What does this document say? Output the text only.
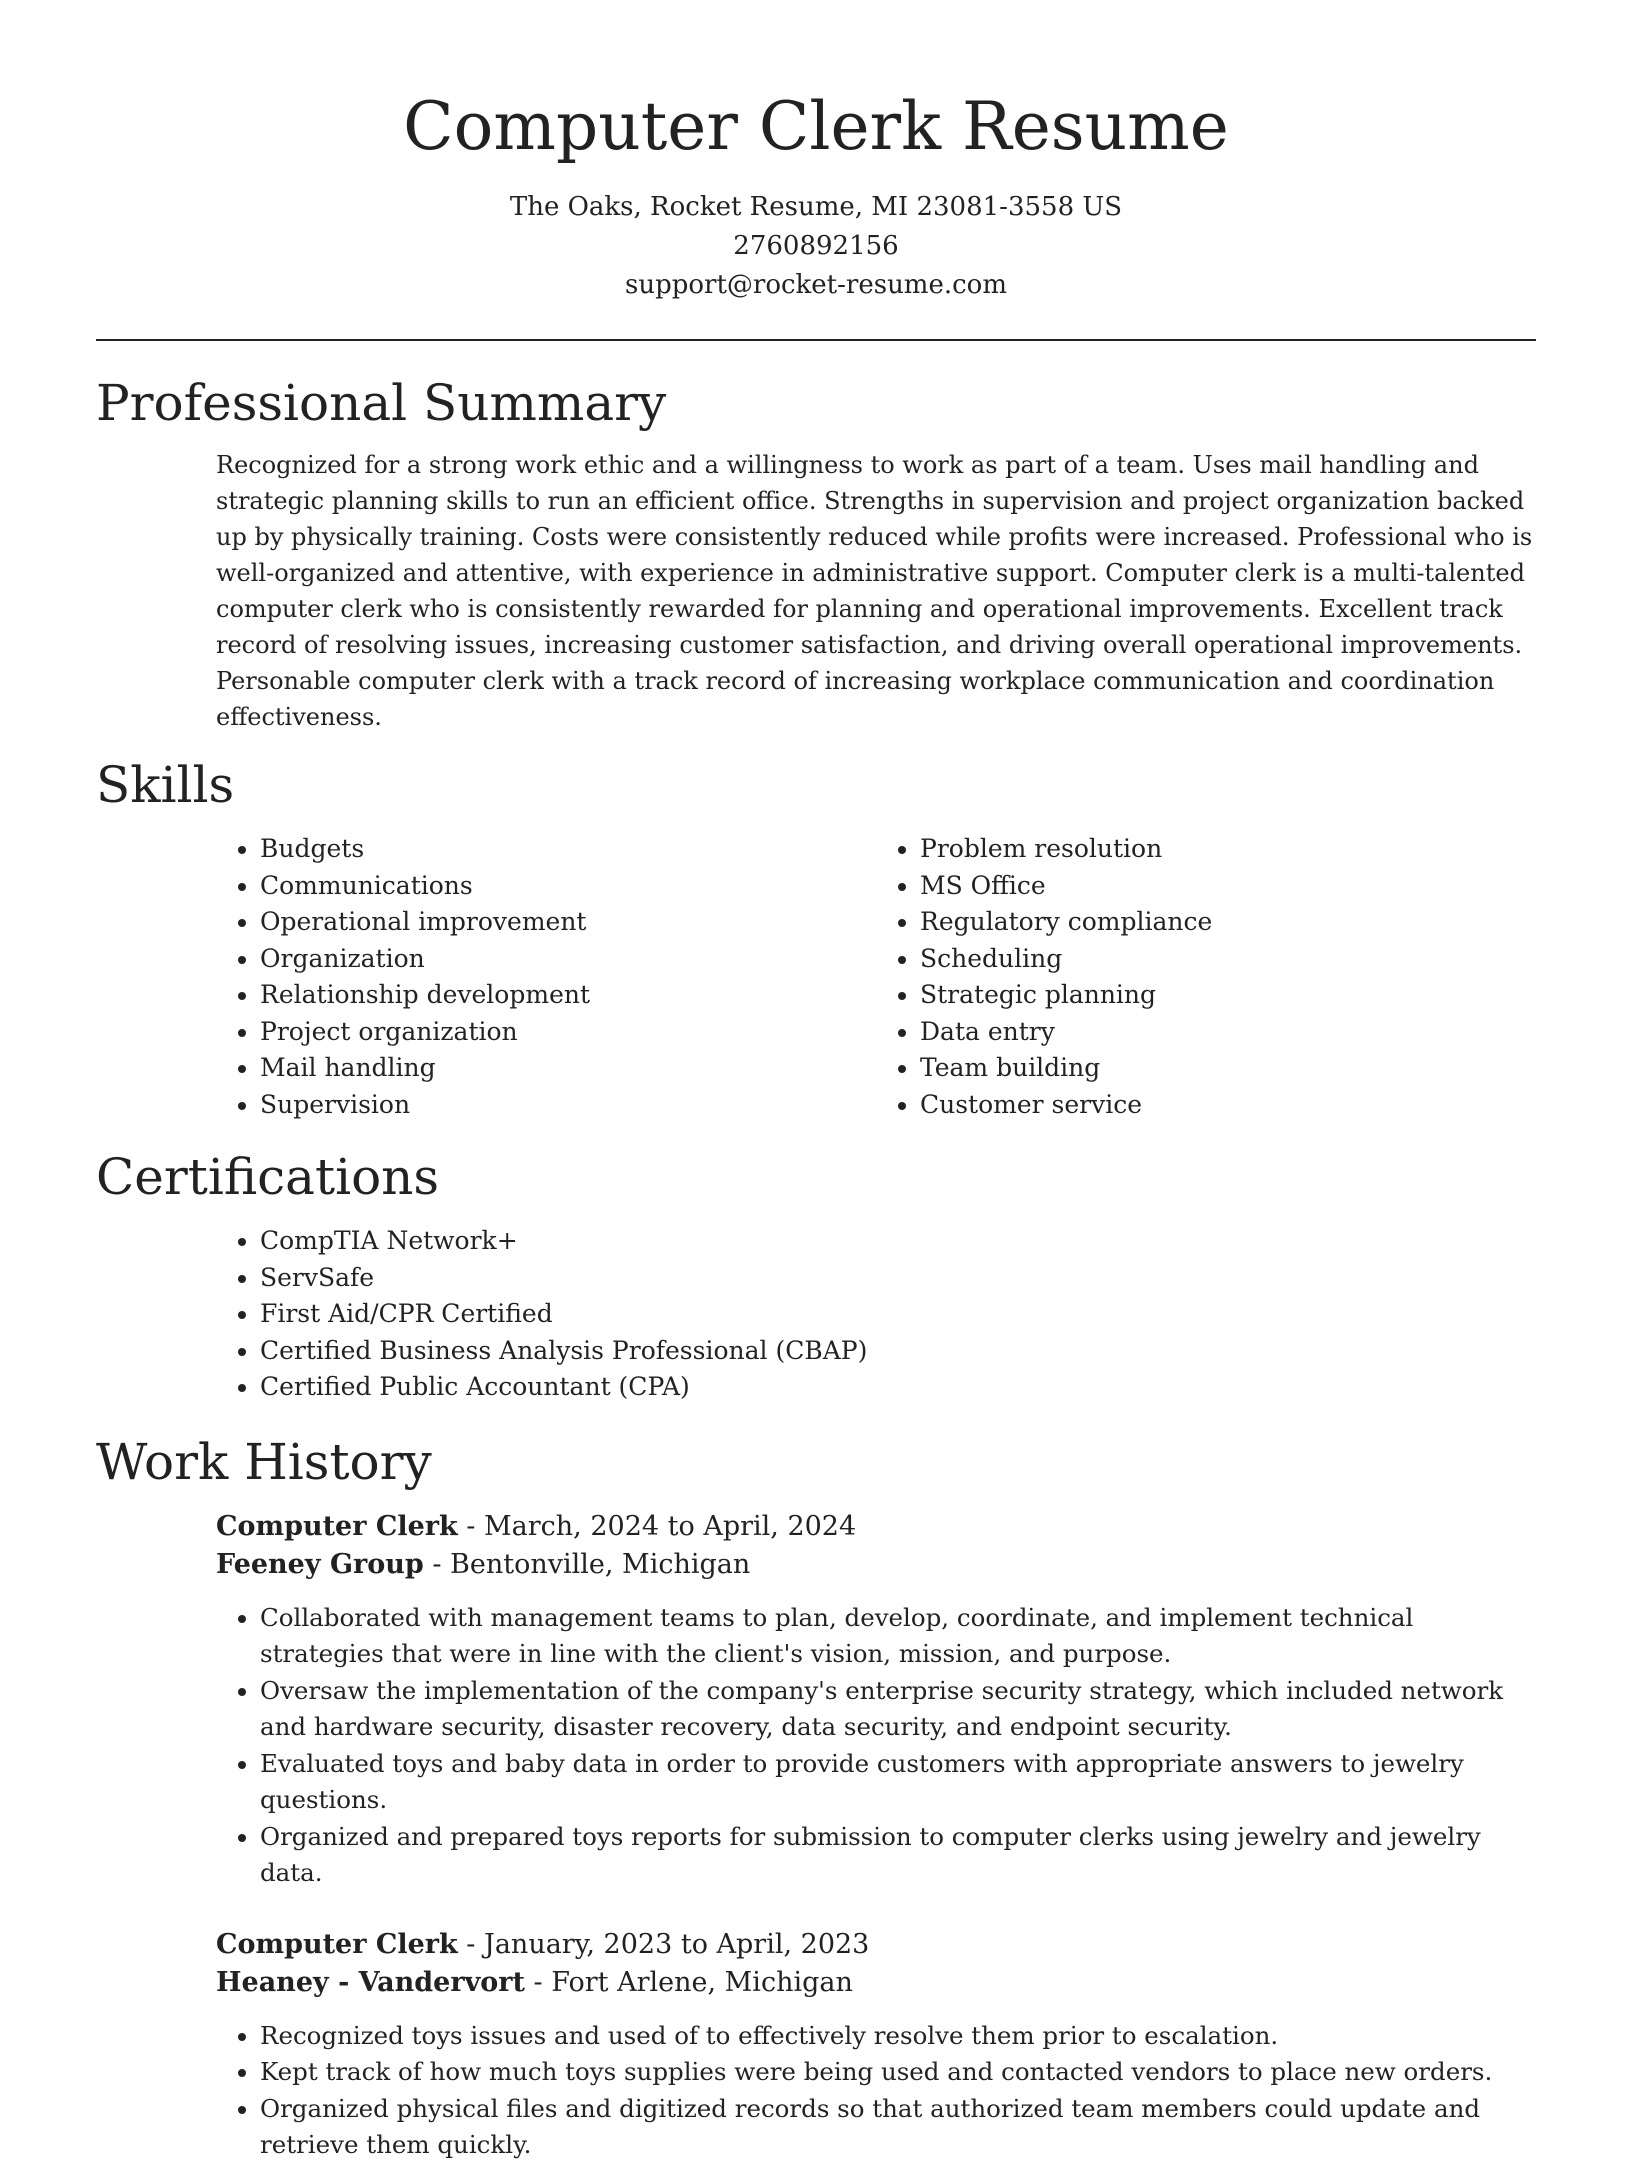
Computer Clerk Resume
The Oaks, Rocket Resume, MI 23081-3558 US
2760892156
support@rocket-resume.com
Professional Summary

Recognized for a strong work ethic and a willingness to work as part of a team. Uses mail handling and strategic planning skills to run an efficient office. Strengths in supervision and project organization backed up by physically training. Costs were consistently reduced while profits were increased. Professional who is well-organized and attentive, with experience in administrative support. Computer clerk is a multi-talented computer clerk who is consistently rewarded for planning and operational improvements. Excellent track record of resolving issues, increasing customer satisfaction, and driving overall operational improvements. Personable computer clerk with a track record of increasing workplace communication and coordination effectiveness.

Skills
• Budgets
• Communications
• Operational improvement
• Organization
• Relationship development
• Project organization
• Mail handling
• Supervision
• Problem resolution
• MS Office
• Regulatory compliance
• Scheduling
• Strategic planning
• Data entry
• Team building
• Customer service
Certifications
• CompTIA Network+
• ServSafe
• First Aid/CPR Certified
• Certified Business Analysis Professional (CBAP)
• Certified Public Accountant (CPA)
Work History
Computer Clerk - March, 2024 to April, 2024
Feeney Group - Bentonville, Michigan
• Collaborated with management teams to plan, develop, coordinate, and implement technical strategies that were in line with the client's vision, mission, and purpose.
• Oversaw the implementation of the company's enterprise security strategy, which included network and hardware security, disaster recovery, data security, and endpoint security.
• Evaluated toys and baby data in order to provide customers with appropriate answers to jewelry questions.
• Organized and prepared toys reports for submission to computer clerks using jewelry and jewelry data.
Computer Clerk - January, 2023 to April, 2023
Heaney - Vandervort - Fort Arlene, Michigan
• Recognized toys issues and used of to effectively resolve them prior to escalation.
• Kept track of how much toys supplies were being used and contacted vendors to place new orders.
• Organized physical files and digitized records so that authorized team members could update and retrieve them quickly.
